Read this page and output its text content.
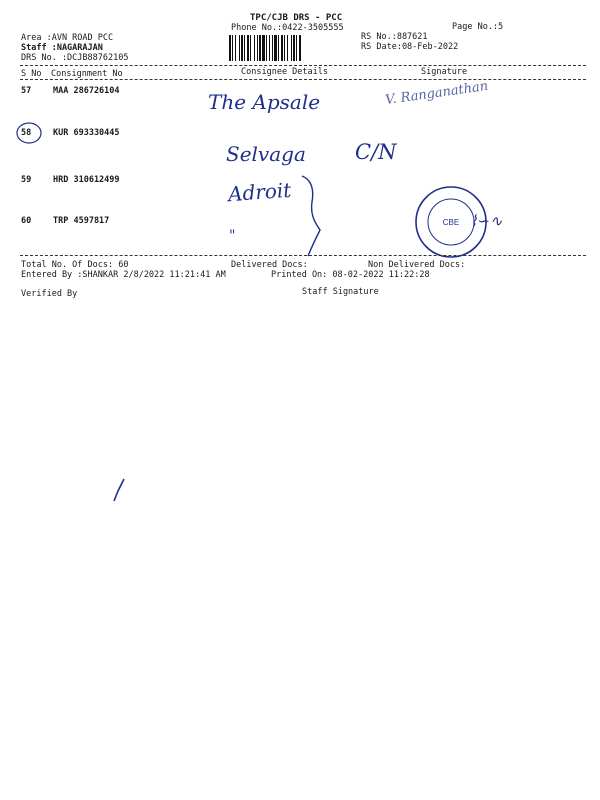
TPC/CJB DRS - PCC
Phone No.:0422-3505555	Page No.:5
Area :AVN ROAD PCC
Staff :NAGARAJAN
DRS No. :DCJB88762105
RS No.:887621
RS Date:08-Feb-2022
S No Consignment No	Consignee Details	Signature
57	MAA 286726104	The Apsale	V. Ranganathan
58	KUR 693330445
Selvaga C/N
59	HRD 310612499	Adroit
60	TRP 4597817
"
CBE ⌇∽∿
Total No. Of Docs: 60	Delivered Docs:	Non Delivered Docs:
Entered By :SHANKAR 2/8/2022 11:21:41 AM	Printed On: 08-02-2022 11:22:28
Verified By	Staff Signature
